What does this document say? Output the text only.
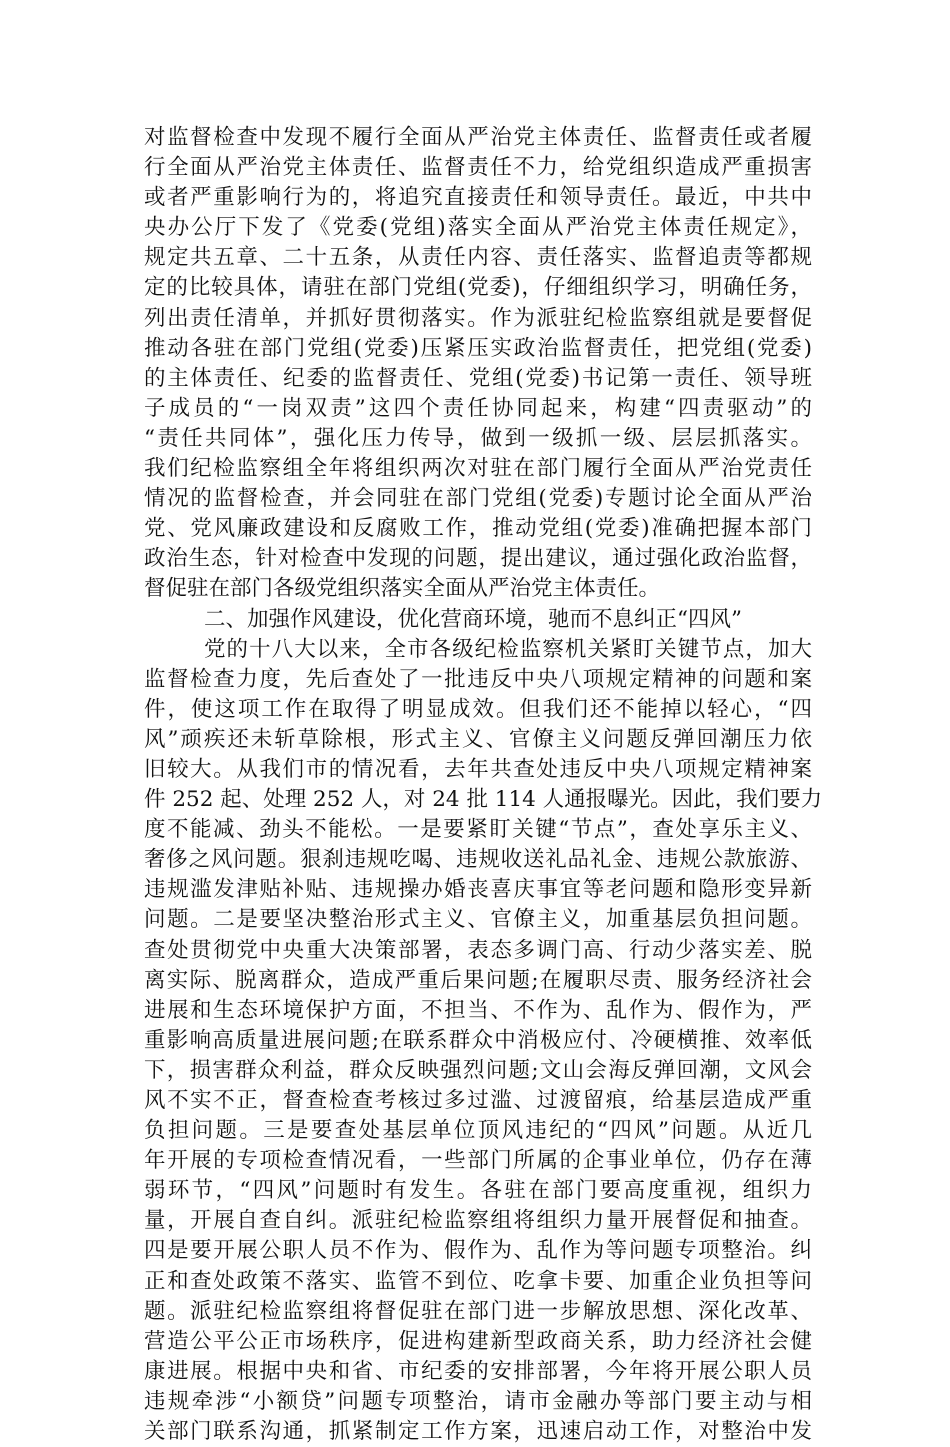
对监督检查中发现不履行全面从严治党主体责任、监督责任或者履
行全面从严治党主体责任、监督责任不力，给党组织造成严重损害
或者严重影响行为的，将追究直接责任和领导责任。最近，中共中
央办公厅下发了《党委(党组)落实全面从严治党主体责任规定》，
规定共五章、二十五条，从责任内容、责任落实、监督追责等都规
定的比较具体，请驻在部门党组(党委)，仔细组织学习，明确任务，
列出责任清单，并抓好贯彻落实。作为派驻纪检监察组就是要督促
推动各驻在部门党组(党委)压紧压实政治监督责任，把党组(党委)
的主体责任、纪委的监督责任、党组(党委)书记第一责任、领导班
子成员的“一岗双责”这四个责任协同起来，构建“四责驱动”的
“责任共同体”，强化压力传导，做到一级抓一级、层层抓落实。
我们纪检监察组全年将组织两次对驻在部门履行全面从严治党责任
情况的监督检查，并会同驻在部门党组(党委)专题讨论全面从严治
党、党风廉政建设和反腐败工作，推动党组(党委)准确把握本部门
政治生态，针对检查中发现的问题，提出建议，通过强化政治监督，
督促驻在部门各级党组织落实全面从严治党主体责任。
二、加强作风建设，优化营商环境，驰而不息纠正“四风”
党的十八大以来，全市各级纪检监察机关紧盯关键节点，加大
监督检查力度，先后查处了一批违反中央八项规定精神的问题和案
件，使这项工作在取得了明显成效。但我们还不能掉以轻心，“四
风”顽疾还未斩草除根，形式主义、官僚主义问题反弹回潮压力依
旧较大。从我们市的情况看，去年共查处违反中央八项规定精神案
件 252 起、处理 252 人，对 24 批 114 人通报曝光。因此，我们要力
度不能减、劲头不能松。一是要紧盯关键“节点”，查处享乐主义、
奢侈之风问题。狠刹违规吃喝、违规收送礼品礼金、违规公款旅游、
违规滥发津贴补贴、违规操办婚丧喜庆事宜等老问题和隐形变异新
问题。二是要坚决整治形式主义、官僚主义，加重基层负担问题。
查处贯彻党中央重大决策部署，表态多调门高、行动少落实差、脱
离实际、脱离群众，造成严重后果问题;在履职尽责、服务经济社会
进展和生态环境保护方面，不担当、不作为、乱作为、假作为，严
重影响高质量进展问题;在联系群众中消极应付、冷硬横推、效率低
下，损害群众利益，群众反映强烈问题;文山会海反弹回潮，文风会
风不实不正，督查检查考核过多过滥、过渡留痕，给基层造成严重
负担问题。三是要查处基层单位顶风违纪的“四风”问题。从近几
年开展的专项检查情况看，一些部门所属的企事业单位，仍存在薄
弱环节，“四风”问题时有发生。各驻在部门要高度重视，组织力
量，开展自查自纠。派驻纪检监察组将组织力量开展督促和抽查。
四是要开展公职人员不作为、假作为、乱作为等问题专项整治。纠
正和查处政策不落实、监管不到位、吃拿卡要、加重企业负担等问
题。派驻纪检监察组将督促驻在部门进一步解放思想、深化改革、
营造公平公正市场秩序，促进构建新型政商关系，助力经济社会健
康进展。根据中央和省、市纪委的安排部署，今年将开展公职人员
违规牵涉“小额贷”问题专项整治，请市金融办等部门要主动与相
关部门联系沟通，抓紧制定工作方案，迅速启动工作，对整治中发
